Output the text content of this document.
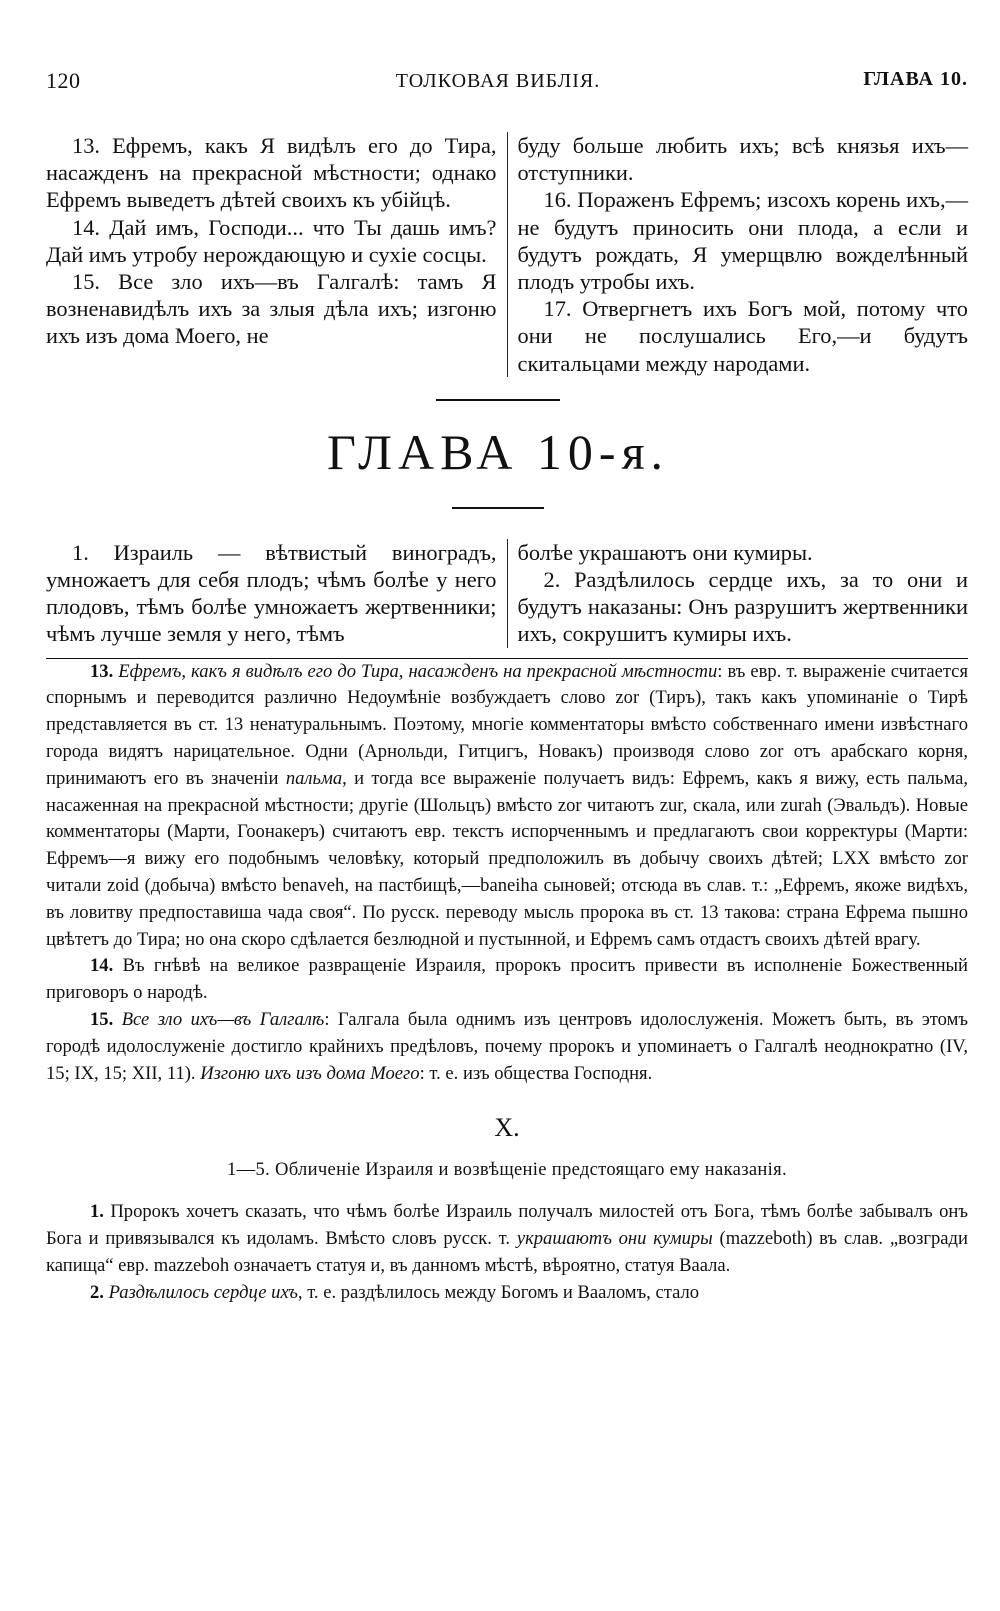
120	ТОЛКОВАЯ ВИБЛІЯ.	ГЛАВА 10.

13. Ефремъ, какъ Я видѣлъ его до Тира, насажденъ на прекрасной мѣстности; однако Ефремъ выведетъ дѣтей своихъ къ убійцѣ.

14. Дай имъ, Господи... что Ты дашь имъ? Дай имъ утробу нерождающую и сухіе сосцы.

15. Все зло ихъ—въ Галгалѣ: тамъ Я возненавидѣлъ ихъ за злыя дѣла ихъ; изгоню ихъ изъ дома Моего, не

буду больше любить ихъ; всѣ князья ихъ—отступники.

16. Пораженъ Ефремъ; изсохъ корень ихъ,—не будутъ приносить они плода, а если и будутъ рождать, Я умерщвлю вожделѣнный плодъ утробы ихъ.

17. Отвергнетъ ихъ Богъ мой, потому что они не послушались Его,—и будутъ скитальцами между народами.

ГЛАВА 10-я.

1. Израиль — вѣтвистый виноградъ, умножаетъ для себя плодъ; чѣмъ болѣе у него плодовъ, тѣмъ болѣе умножаетъ жертвенники; чѣмъ лучше земля у него, тѣмъ

болѣе украшаютъ они кумиры.

2. Раздѣлилось сердце ихъ, за то они и будутъ наказаны: Онъ разрушитъ жертвенники ихъ, сокрушитъ кумиры ихъ.

13. Ефремъ, какъ я видѣлъ его до Тира, насажденъ на прекрасной мѣстности: въ евр. т. выраженіе считается спорнымъ и переводится различно Недоумѣніе возбуждаетъ слово zor (Тиръ), такъ какъ упоминаніе о Тирѣ представляется въ ст. 13 ненатуральнымъ. Поэтому, многіе комментаторы вмѣсто собственнаго имени извѣстнаго города видятъ нарицательное. Одни (Арнольди, Гитцигъ, Новакъ) производя слово zor отъ арабскаго корня, принимаютъ его въ значеніи пальма, и тогда все выраженіе получаетъ видъ: Ефремъ, какъ я вижу, есть пальма, насаженная на прекрасной мѣстности; другіе (Шольцъ) вмѣсто zor читаютъ zur, скала, или zurah (Эвальдъ). Новые комментаторы (Марти, Гоонакеръ) считаютъ евр. текстъ испорченнымъ и предлагаютъ свои корректуры (Марти: Ефремъ—я вижу его подобнымъ человѣку, который предположилъ въ добычу своихъ дѣтей; LXX вмѣсто zor читали zoid (добыча) вмѣсто benaveh, на пастбищѣ,—baneiha сыновей; отсюда въ слав. т.: „Ефремъ, якоже видѣхъ, въ ловитву предпоставиша чада своя“. По русск. переводу мысль пророка въ ст. 13 такова: страна Ефрема пышно цвѣтетъ до Тира; но она скоро сдѣлается безлюдной и пустынной, и Ефремъ самъ отдастъ своихъ дѣтей врагу.

14. Въ гнѣвѣ на великое развращеніе Израиля, пророкъ проситъ привести въ исполненіе Божественный приговоръ о народѣ.

15. Все зло ихъ—въ Галгалѣ: Галгала была однимъ изъ центровъ идолослуженія. Можетъ быть, въ этомъ городѣ идолослуженіе достигло крайнихъ предѣловъ, почему пророкъ и упоминаетъ о Галгалѣ неоднократно (IV, 15; IX, 15; XII, 11). Изгоню ихъ изъ дома Моего: т. е. изъ общества Господня.

X.
1—5. Обличеніе Израиля и возвѣщеніе предстоящаго ему наказанія.

1. Пророкъ хочетъ сказать, что чѣмъ болѣе Израиль получалъ милостей отъ Бога, тѣмъ болѣе забывалъ онъ Бога и привязывался къ идоламъ. Вмѣсто словъ русск. т. украшаютъ они кумиры (mazzeboth) въ слав. „возгради капища“ евр. mazzeboh означаетъ статуя и, въ данномъ мѣстѣ, вѣроятно, статуя Ваала.

2. Раздѣлилось сердце ихъ, т. е. раздѣлилось между Богомъ и Вааломъ, стало
